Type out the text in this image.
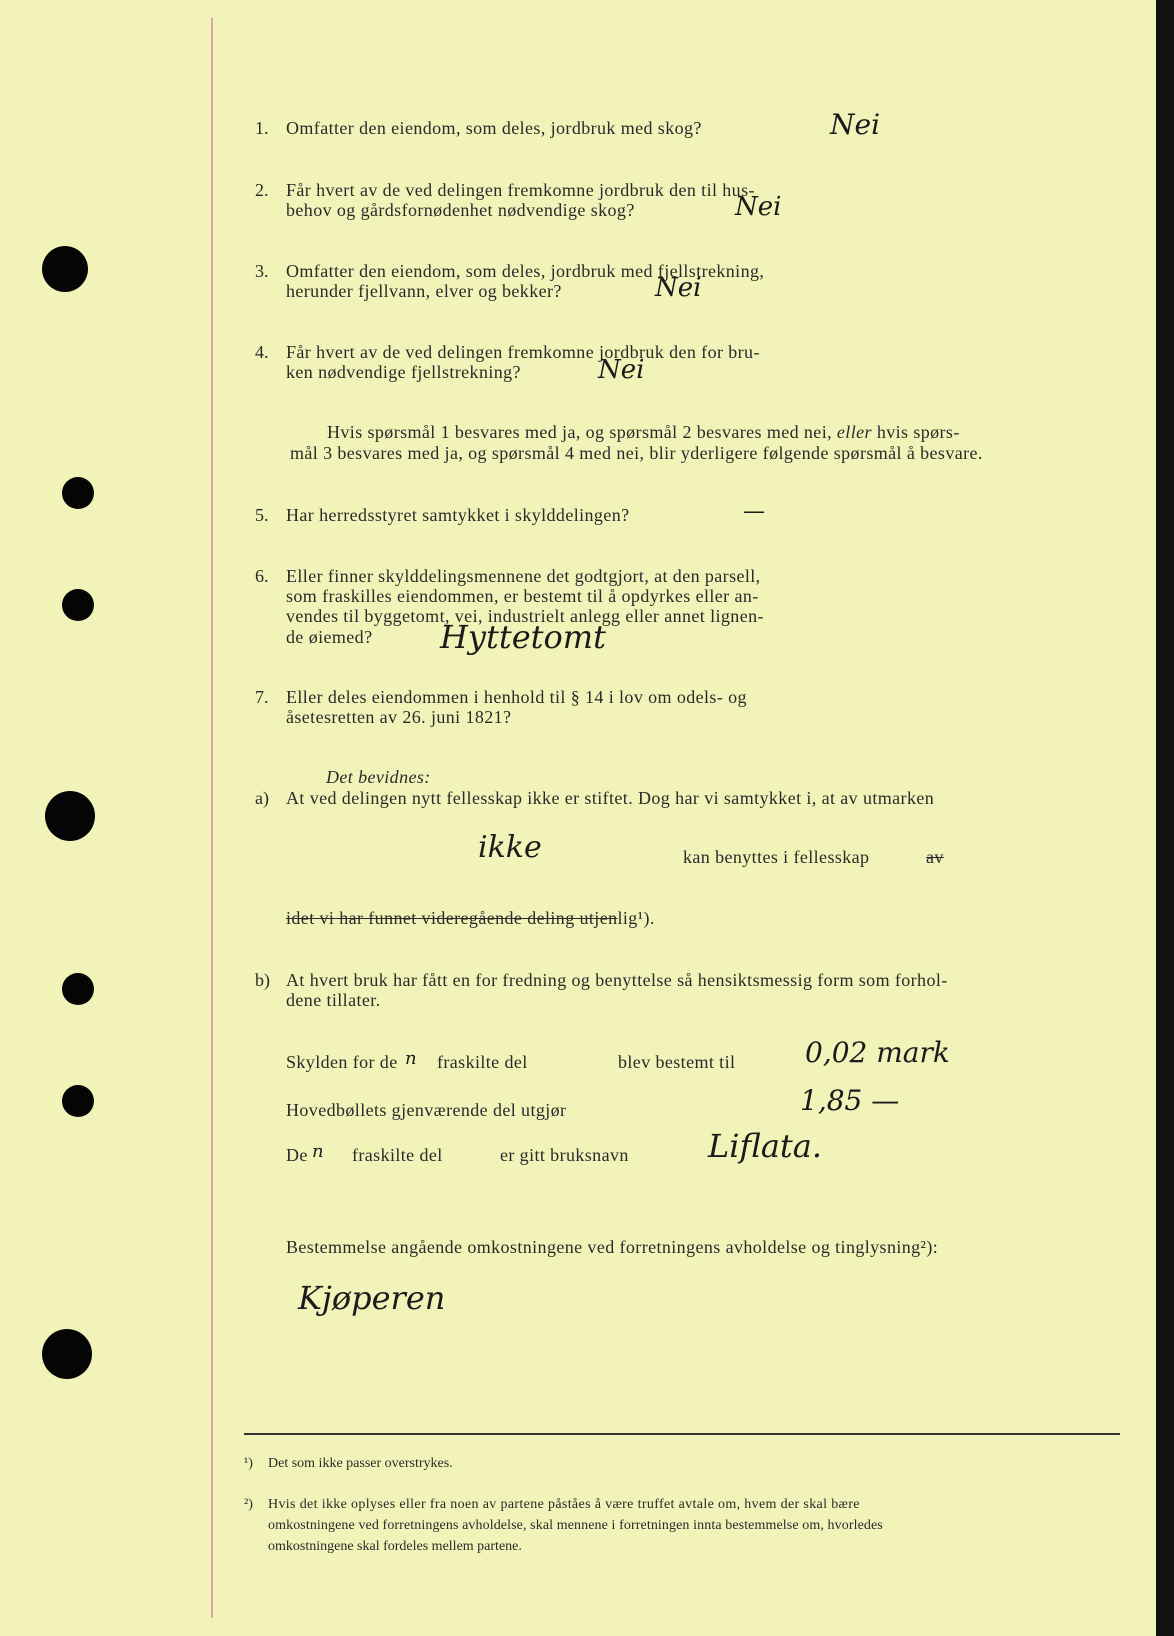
1. Omfatter den eiendom, som deles, jordbruk med skog?	Nei
2. Får hvert av de ved delingen fremkomne jordbruk den til hus-
behov og gårdsfornødenhet nødvendige skog?	Nei
3. Omfatter den eiendom, som deles, jordbruk med fjellstrekning,
herunder fjellvann, elver og bekker?	Nei
4. Får hvert av de ved delingen fremkomne jordbruk den for bru-
ken nødvendige fjellstrekning?	Nei
Hvis spørsmål 1 besvares med ja, og spørsmål 2 besvares med nei, eller hvis spørs-
mål 3 besvares med ja, og spørsmål 4 med nei, blir yderligere følgende spørsmål å besvare.
5. Har herredsstyret samtykket i skylddelingen?	—
6. Eller finner skylddelingsmennene det godtgjort, at den parsell,
som fraskilles eiendommen, er bestemt til å opdyrkes eller an-
vendes til byggetomt, vei, industrielt anlegg eller annet lignen-
de øiemed? Hyttetomt
7. Eller deles eiendommen i henhold til § 14 i lov om odels- og
åsetesretten av 26. juni 1821?
Det bevidnes:
a) At ved delingen nytt fellesskap ikke er stiftet. Dog har vi samtykket i, at av utmarken
ikke	kan benyttes i fellesskap	av
idet vi har funnet videregående deling utjenlig¹).
b) At hvert bruk har fått en for fredning og benyttelse så hensiktsmessig form som forhol-
dene tillater.
Skylden for de n fraskilte del	blev bestemt til 0,02 mark
Hovedbøllets gjenværende del utgjør	1,85 —
De n fraskilte del	er gitt bruksnavn Liflata.
Bestemmelse angående omkostningene ved forretningens avholdelse og tinglysning²):
Kjøperen
¹) Det som ikke passer overstrykes.
²) Hvis det ikke oplyses eller fra noen av partene påståes å være truffet avtale om, hvem der skal bære
omkostningene ved forretningens avholdelse, skal mennene i forretningen innta bestemmelse om, hvorledes
omkostningene skal fordeles mellem partene.
